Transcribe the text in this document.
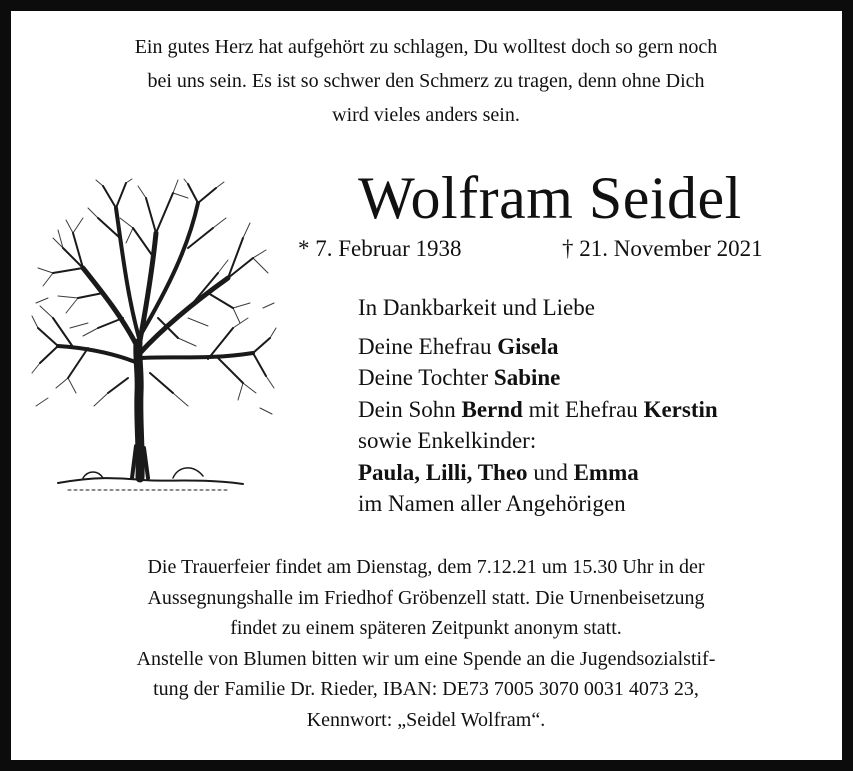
Ein gutes Herz hat aufgehört zu schlagen, Du wolltest doch so gern noch
bei uns sein. Es ist so schwer den Schmerz zu tragen, denn ohne Dich
wird vieles anders sein.
Wolfram Seidel
* 7. Februar 1938	† 21. November 2021
In Dankbarkeit und Liebe
Deine Ehefrau Gisela
Deine Tochter Sabine
Dein Sohn Bernd mit Ehefrau Kerstin
sowie Enkelkinder:
Paula, Lilli, Theo und Emma
im Namen aller Angehörigen
Die Trauerfeier findet am Dienstag, dem 7.12.21 um 15.30 Uhr in der
Aussegnungshalle im Friedhof Gröbenzell statt. Die Urnenbeisetzung
findet zu einem späteren Zeitpunkt anonym statt.
Anstelle von Blumen bitten wir um eine Spende an die Jugendsozialstif-
tung der Familie Dr. Rieder, IBAN: DE73 7005 3070 0031 4073 23,
Kennwort: „Seidel Wolfram“.
